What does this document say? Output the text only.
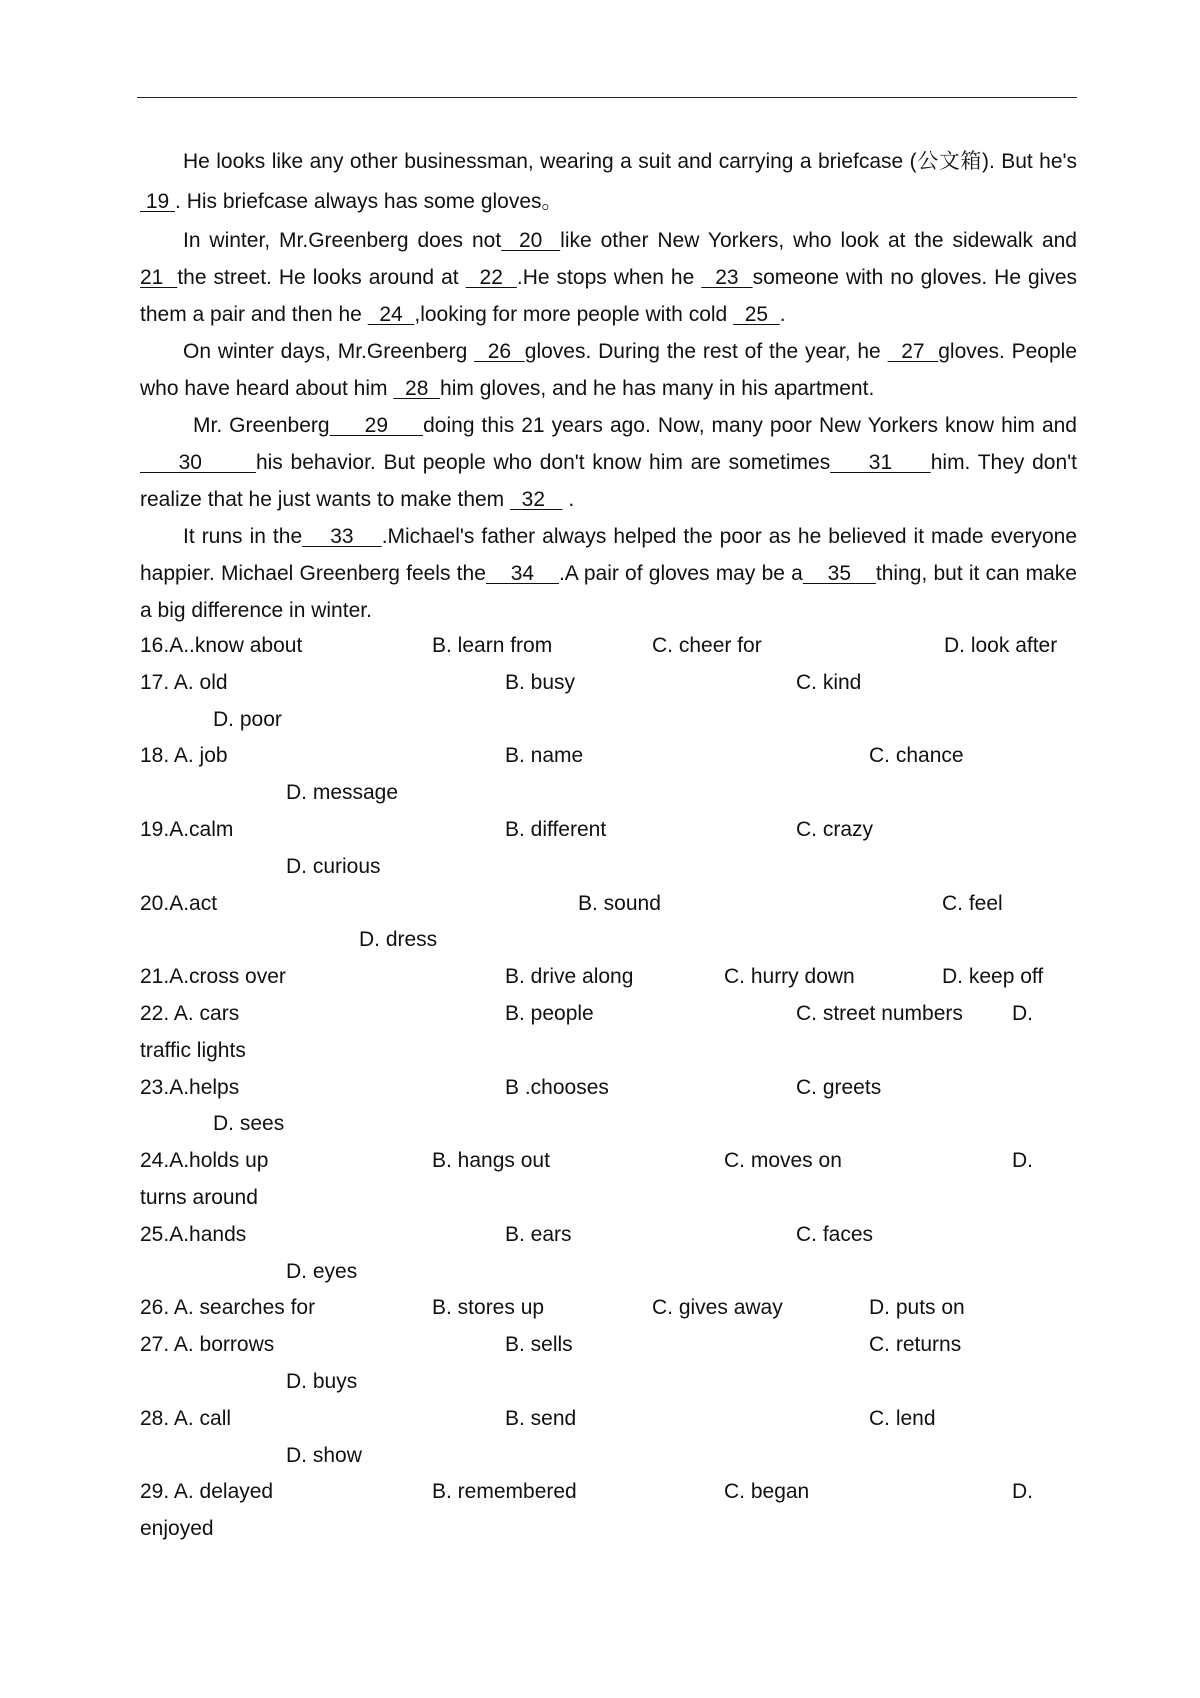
He looks like any other businessman, wearing a suit and carrying a briefcase (公文箱). But he's  19 . His briefcase always has some gloves。
In winter, Mr.Greenberg does not  20  like other New Yorkers, who look at the sidewalk and 21  the street. He looks around at   22  .He stops when he   23  someone with no gloves. He gives them a pair and then he   24  ,looking for more people with cold   25  .
On winter days, Mr.Greenberg   26  gloves. During the rest of the year, he   27  gloves. People who have heard about him   28  him gloves, and he has many in his apartment.
Mr. Greenberg     29     doing this 21 years ago. Now, many poor New Yorkers know him and      30       his behavior. But people who don't know him are sometimes     31     him. They don't realize that he just wants to make them   32    .
It runs in the    33    .Michael's father always helped the poor as he believed it made everyone happier. Michael Greenberg feels the    34    .A pair of gloves may be a    35    thing, but it can make a big difference in winter.
16.A..know about	B. learn from	C. cheer for	D. look after
17. A. old	B. busy	C. kind
D. poor
18. A. job	B. name	C. chance
D. message
19.A.calm	B. different	C. crazy
D. curious
20.A.act	B. sound	C. feel
D. dress
21.A.cross over	B. drive along	C. hurry down	D. keep off
22. A. cars	B. people	C. street numbers D.
traffic lights
23.A.helps	B .chooses	C. greets
D. sees
24.A.holds up	B. hangs out	C. moves on	D.
turns around
25.A.hands	B. ears	C. faces
D. eyes
26. A. searches for	B. stores up	C. gives away	D. puts on
27. A. borrows	B. sells	C. returns
D. buys
28. A. call	B. send	C. lend
D. show
29. A. delayed	B. remembered	C. began	D.
enjoyed
